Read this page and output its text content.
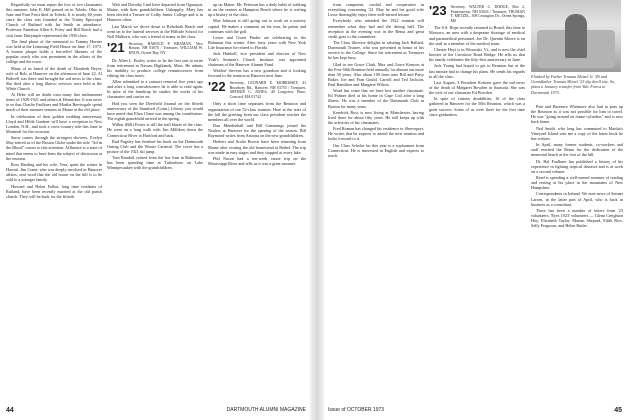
Regretfully we must report the loss of two classmates this summer: John E. Hill passed on in Toledo, Ohio in June and Fran Frost died in Toledo. It is nearly 60 years since the class was founded in the Trinity Episcopal Church of Rutland with Ira Smith in attendance. Professor Emeritus Allen S. Foley and Bill Rotch had a visit from Dalrymple represented the 1950 class.

The final phase of the memorial to Tommy Horner was held at the Lemming Field House on June 17, 1973. A bronze plaque holds a bas-relief likeness of the popular coach who was prominent in the affairs of the college and the town.

Many of us heard of the death of Elizabeth Beyer, wife of Bob, at Hanover on the afternoon of June 22. Al Bidwell was there and brought the sad news to the class. She died after a long illness; services were held at the White Church.

At Hebe will no doubt trust many fine midsummer items of 1920-1921 and others at Hennicker. It was news to us that Charlie Faulkner and Martha Berriwgale spend much of their summer seasons in Maine at the old place.

In celebration of their golden wedding anniversary Lloyd and Hilda Gardner will have a reception in New London, N.H., and took a cross-country ride this June to Montreal for the occasion.

Snow comes through the strongest showers. Evelyn May retired as of the Boston Globe under the title "Ad in the Blood" comes to this attention. Affluence is a state of mind that seems to have been the subject of discussion at the reunion.

Ross Harding and his wife, Vera, spent the winter in Hawaii. Jim Crane, who was deeply involved in Hanover affairs, sent word that the old house on the hill is to be sold to a younger family.

Howard and Helen Fallon, long time residents of Rutland, have been recently married at the old parish church. They will be back for the fiftieth.

Walt and Dorothy Lind have departed from Ogunquit, Maine, with their grandchildren. Unhappily, Mary has been elected a Trustee of Colby Junior College and is in Hanover often.

Last March we drove down to Rehoboth Beach and went on to the funeral services at the Hillside School for Nell Mulhorn, who was a friend of many in the class.

'21 Secretary, HAROLD P. BRAMAN, New Boston, NH 03070 / Treasurer, WILLIAM W. KNOX, Oyster Bay, NY

Dr. Allen L. Ensley writes to be the first one to retire from retirement in Nassau Highlands, Mass. He admits his inability to produce college reminiscences from editing the class notes.

Allen submitted to a cataract removal five years ago and after a long convalescence he is able to read again. In spite of the handicap he studies the works of his classmates and carries on.

Had you seen the Deerfield Journal on the fiftieth anniversary of the Stamford (Conn.) Library you would have noted that Eliza Chase was among the contributors. The eighth grandchild arrived in the spring.

Wilbur (Bill) Foster is still the trail blazer of the class. He went on a long walk with Jim Milliken down the Connecticut River to Hartford and back.

Bud Pugsley has finished his book on the Dartmouth Outing Club and the Winter Carnival. The cover has a picture of the 1921 ski jump.

Tom Randall, retired from the law firm in Baltimore, has been spending time at Tuftonboro on Lake Winnipesaukee with the grandchildren.

up on Maine. Mr. Peterson has a daily habit of walking in on the seniors at Hampton Beach where he is writing up a history of the class.

Max Johnson is still going out to work on a nursery capital. He makes a comment on his own, he paints and continues with the golf.

Lester and Gwen Pinder are celebrating in the Bahamas this winter. After forty years with New York Life Insurance he retired to Florida.

Jack Hubbell, vice president and director of New York's Seamen's Church Institute, was appointed chairman of the Hanover Alumni Fund.

Waldorf Stevens has a new grandson and is looking forward to the reunion at Hanover next June.

'22 Secretary, LEONARD E. MORRISSEY, 41 Broadway Rd., Hanover, NH 03755 / Treasurer, ARTHUR C. JONES, 40 Longview Place, Concord, MA 01742

Only a short time separates from the Reunion and organization of our 52-class reunion. Here at the start of the fall the greeting from our class president reaches the members all over the world.

Don Mendenhall and Bill Cummings joined the Nealers at Hanover for the opening of the season. Bill Raymond writes from Arizona on the new grandchildren.

Herbert and Aralia Brown have been returning from Maine after visiting the old homestead at Bethel. The trip was made in easy stages and they stopped at every lake.

Phil Nason had a ten-week canoe trip on the Mississippi River and tells us it was a great summer.

from competent, cordial and cooperative in everything concerning '22. May he and his good wife Lesse thoroughly enjoy their well-earned leisure.

Everybody who attended the 1922 reunion will remember what they had and the dining hall. The reception in the evening was in the Bema and great credit goes to the committee.

The Class likewise delights in saluting Jack Ballard, Dartmouth Trustee, who was presented in honor of his service to the College. Since his retirement as Treasurer he has kept busy.

Glad to see Grace Clark, Max and Grace Kenyon at the Post-50th Reunion held annually for alumni out more than 50 years. Also about 100 from ours Bill and Patsy Baker, Joe and Fran Gould, Carroll and Ted Jackson, Paul Hamilton and Margaret Wilson.

Word has come that we have lost another classmate. Ed Palmer died at his home in Cape Cod after a long illness. He was a member of the Dartmouth Club in Boston for many years.

Kendrick Ross is now living at Manchester, having lived there for about fifty years. He still keeps up with the activities of his classmates.

Fred Roman has changed his residence to Shreveport. He writes that he expects to attend the next reunion and looks forward to it.

Our Class Scholar for this year is a sophomore from Connecticut. He is interested in English and expects to teach.

'23 Secretary, WALTER C. DODGE, Box 2, Francestown, NH 03043 / Treasurer, TRUMAN T. METZEL, 308 Lexington Dr., Ocean Springs, MS

The S.S. Hope recently returned to Brazil, this time to Mossoro, an area with a desperate shortage of medical and paramedical personnel. Joe Dr. Quentin Moore is on the staff as a member of the medical team.

Chester Hoyt is in Winooski, Vt., and is now the chief booster of the Crossbow Road Bridge. He tells us that his family celebrates the fifty-first anniversary in June.

Jack Young had hoped to get to Reunion but at the last minute had to change his plans. He sends his regards to all the class.

Last August, 3 President Ketterer gave the sad news of the death of Margaret Bowden in Sarasota. She was the wife of our classmate Ed Bowden.

In spite of various disabilities, 16 of the class gathered in Hanover for the 50th Reunion, which was a great success. Some of us were there for the first time since graduation.

Flanked by Father Truman Metzel Jr. '46 and Grandfather Truman Metzel '23 dig dwell site. So, plans a January transfer from Yale Forest to Dartmouth 1975.

Pete and Berenice Whitmore also had to pass up the Reunion as it was not possible for him to travel. He was "going around on frame cylinders" and is now back home.

Ned Smith, who long has commuted to Martha's Vineyard Island sent me a copy of the latest book he has written.

In April, many former students, co-workers and staff reached the Bema for the dedication of the memorial bench at the foot of the hill.

Dr. Hal Faulkner has published a history of his experience in fighting tropical diseases and is at work on a second volume.

Read is spending a well-earned summer of reading and resting at his place in the mountains of New Hampshire.

Correspondents in Ireland: We note news of Steuart Larsen, in the latter part of April, who is back in business as a consultant.

There has been a number of letters from '23 volunteers, 'Eyes 1923' volunteers — Glenn Creighton Hoy, Elizabeth Taylor, Marian Shepard, Edith Rice, Sally Ferguson, and Helen Butler.

44	DARTMOUTH ALUMNI MAGAZINE	Issue of OCTOBER 1973	45
